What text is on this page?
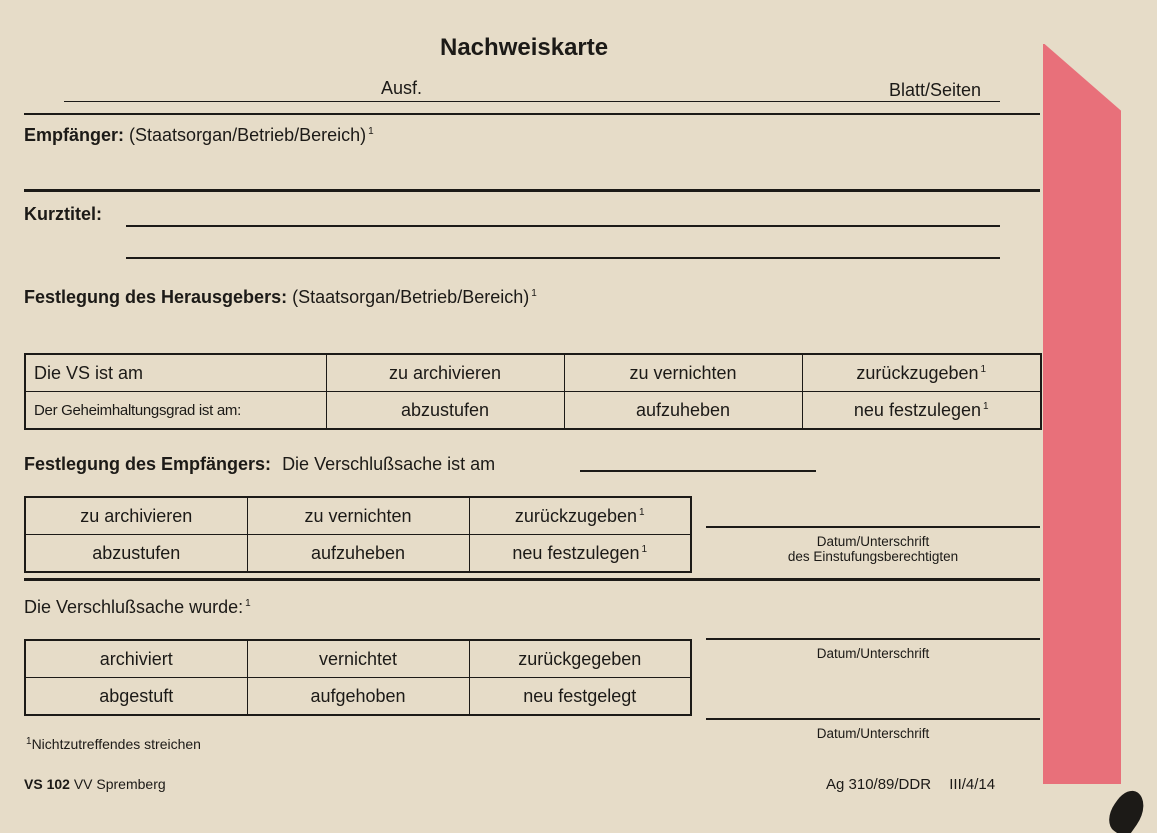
Nachweiskarte
Ausf.	Blatt/Seiten
Empfänger: (Staatsorgan/Betrieb/Bereich) $^1$
Kurztitel:
Festlegung des Herausgebers: (Staatsorgan/Betrieb/Bereich) $^1$
Die VS ist am	zu archivieren	zu vernichten	zurückzugeben $^1$
Der Geheimhaltungsgrad ist am:	abzustufen	aufzuheben	neu festzulegen $^1$
Festlegung des Empfängers: Die Verschlußsache ist am
zu archivieren	zu vernichten	zurückzugeben $^1$
abzustufen	aufzuheben	neu festzulegen $^1$	Datum/Unterschrift
des Einstufungsberechtigten
Die Verschlußsache wurde: $^1$
archiviert	vernichtet	zurückgegeben
abgestuft	aufgehoben	neu festgelegt
Datum/Unterschrift
Datum/Unterschrift
$^1$Nichtzutreffendes streichen
VS 102 VV Spremberg	Ag 310/89/DDR III/4/14
